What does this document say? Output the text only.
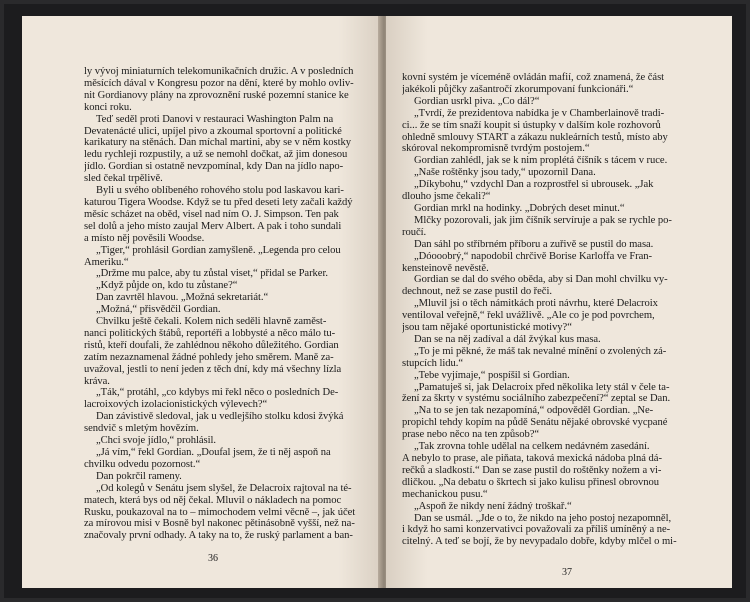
ly vývoj miniaturních telekomunikačních družic. A v posledních
měsících dával v Kongresu pozor na dění, které by mohlo ovliv-
nit Gordianovy plány na zprovoznění ruské pozemní stanice ke
konci roku.
Teď seděl proti Danovi v restauraci Washington Palm na
Devatenácté ulici, upíjel pivo a zkoumal sportovní a politické
karikatury na stěnách. Dan míchal martini, aby se v něm kostky
ledu rychleji rozpustily, a už se nemohl dočkat, až jim donesou
jídlo. Gordian si ostatně nevzpomínal, kdy Dan na jídlo napo-
sled čekal trpělivě.
Byli u svého oblíbeného rohového stolu pod laskavou kari-
katurou Tigera Woodse. Když se tu před deseti lety začali každý
měsíc scházet na oběd, visel nad ním O. J. Simpson. Ten pak
sel dolů a jeho místo zaujal Merv Albert. A pak i toho sundali
a místo něj pověsili Woodse.
„Tiger,“ prohlásil Gordian zamyšleně. „Legenda pro celou
Ameriku.“
„Držme mu palce, aby tu zůstal viset,“ přidal se Parker.
„Když půjde on, kdo tu zůstane?“
Dan zavrtěl hlavou. „Možná sekretariát.“
„Možná,“ přisvědčil Gordian.
Chvilku ještě čekali. Kolem nich seděli hlavně zaměst-
nanci politických štábů, reportéři a lobbysté a něco málo tu-
ristů, kteří doufali, že zahlédnou někoho důležitého. Gordian
zatím nezaznamenal žádné pohledy jeho směrem. Maně za-
uvažoval, jestli to není jeden z těch dní, kdy má všechny lízla
kráva.
„Ták,“ protáhl, „co kdybys mi řekl něco o posledních De-
lacroixových izolacionistických výlevech?“
Dan závistivě sledoval, jak u vedlejšího stolku kdosi žvýká
sendvič s mletým hovězím.
„Chci svoje jídlo,“ prohlásil.
„Já vím,“ řekl Gordian. „Doufal jsem, že ti něj aspoň na
chvilku odvedu pozornost.“
Dan pokrčil rameny.
„Od kolegů v Senátu jsem slyšel, že Delacroix rajtoval na té-
matech, která bys od něj čekal. Mluvil o nákladech na pomoc
Rusku, poukazoval na to – mimochodem velmi věcně –, jak účet
za mírovou misi v Bosně byl nakonec pětinásobně vyšší, než na-
značovaly první odhady. A taky na to, že ruský parlament a ban-
36
kovní systém je víceméně ovládán mafií, což znamená, že část
jakékoli půjčky zašantročí zkorumpovaní funkcionáři.“
Gordian usrkl piva. „Co dál?“
„Tvrdí, že prezidentova nabídka je v Chamberlainově tradi-
ci... že se tím snaží koupit si ústupky v dalším kole rozhovorů
ohledně smlouvy START a zákazu nukleárních testů, místo aby
skóroval nekompromisně tvrdým postojem.“
Gordian zahlédl, jak se k nim proplétá číšník s tácem v ruce.
„Naše roštěnky jsou tady,“ upozornil Dana.
„Díkybohu,“ vzdychl Dan a rozprostřel si ubrousek. „Jak
dlouho jsme čekali?“
Gordian mrkl na hodinky. „Dobrých deset minut.“
Mlčky pozorovali, jak jim číšník servíruje a pak se rychle po-
roučí.
Dan sáhl po stříbrném příboru a zuřivě se pustil do masa.
„Dóooobrý,“ napodobil chrčivě Borise Karloffa ve Fran-
kensteinově nevěstě.
Gordian se dal do svého oběda, aby si Dan mohl chvilku vy-
dechnout, než se zase pustil do řeči.
„Mluvil jsi o těch námitkách proti návrhu, které Delacroix
ventiloval veřejně,“ řekl uvážlivě. „Ale co je pod povrchem,
jsou tam nějaké oportunistické motivy?“
Dan se na něj zadíval a dál žvýkal kus masa.
„To je mi pěkné, že máš tak nevalné mínění o zvolených zá-
stupcích lidu.“
„Tebe vyjímaje,“ pospíšil si Gordian.
„Pamatuješ si, jak Delacroix před několika lety stál v čele ta-
žení za škrty v systému sociálního zabezpečení?“ zeptal se Dan.
„Na to se jen tak nezapomíná,“ odpověděl Gordian. „Ne-
propichl tehdy kopím na půdě Senátu nějaké obrovské vycpané
prase nebo něco na ten způsob?“
„Tak zrovna tohle udělal na celkem nedávném zasedání.
A nebylo to prase, ale piňata, taková mexická nádoba plná dá-
rečků a sladkostí.“ Dan se zase pustil do roštěnky nožem a vi-
dličkou. „Na debatu o škrtech si jako kulisu přinesl obrovnou
mechanickou pusu.“
„Aspoň že nikdy není žádný troškař.“
Dan se usmál. „Jde o to, že nikdo na jeho postoj nezapomněl,
i když ho sami konzervativci považovali za příliš umíněný a ne-
citelný. A teď se bojí, že by nevypadalo dobře, kdyby mlčel o mi-
37
